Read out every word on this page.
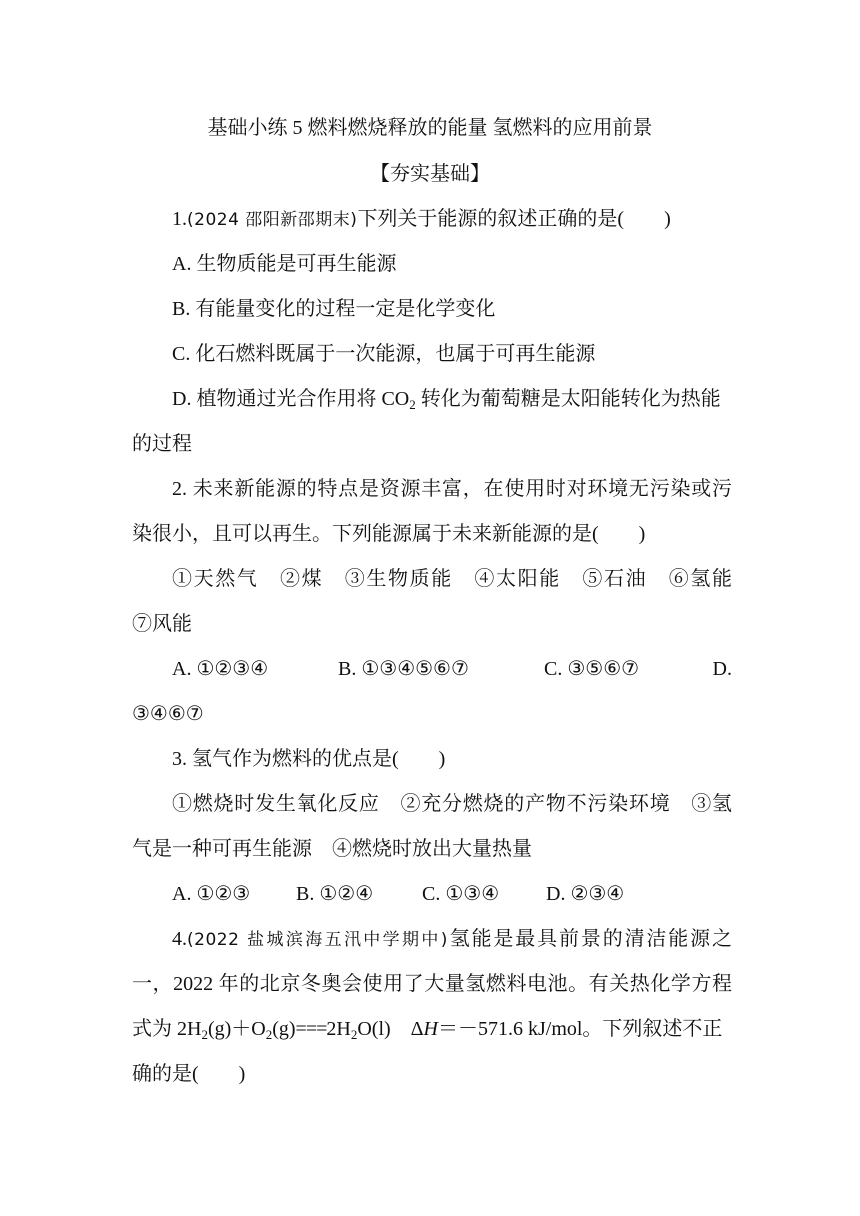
基础小练 5 燃料燃烧释放的能量 氢燃料的应用前景
【夯实基础】
1.(2024 邵阳新邵期末)下列关于能源的叙述正确的是(　　)
A. 生物质能是可再生能源
B. 有能量变化的过程一定是化学变化
C. 化石燃料既属于一次能源，也属于可再生能源
D. 植物通过光合作用将 $CO_2$ 转化为葡萄糖是太阳能转化为热能
的过程
2. 未来新能源的特点是资源丰富，在使用时对环境无污染或污
染很小，且可以再生。下列能源属于未来新能源的是(　　)
①天然气　②煤　③生物质能　④太阳能　⑤石油　⑥氢能
⑦风能
A. ①②③④	B. ①③④⑤⑥⑦	C. ③⑤⑥⑦	D.
③④⑥⑦
3. 氢气作为燃料的优点是(　　)
①燃烧时发生氧化反应　②充分燃烧的产物不污染环境　③氢
气是一种可再生能源　④燃烧时放出大量热量
A. ①②③ B. ①②④ C. ①③④ D. ②③④
4.(2022 盐城滨海五汛中学期中)氢能是最具前景的清洁能源之
一，2022 年的北京冬奥会使用了大量氢燃料电池。有关热化学方程
式为 $2H_2(g)+O_2(g)===2H_2O(l)$　ΔH＝－571.6 kJ/mol。下列叙述不正
确的是(　　)
